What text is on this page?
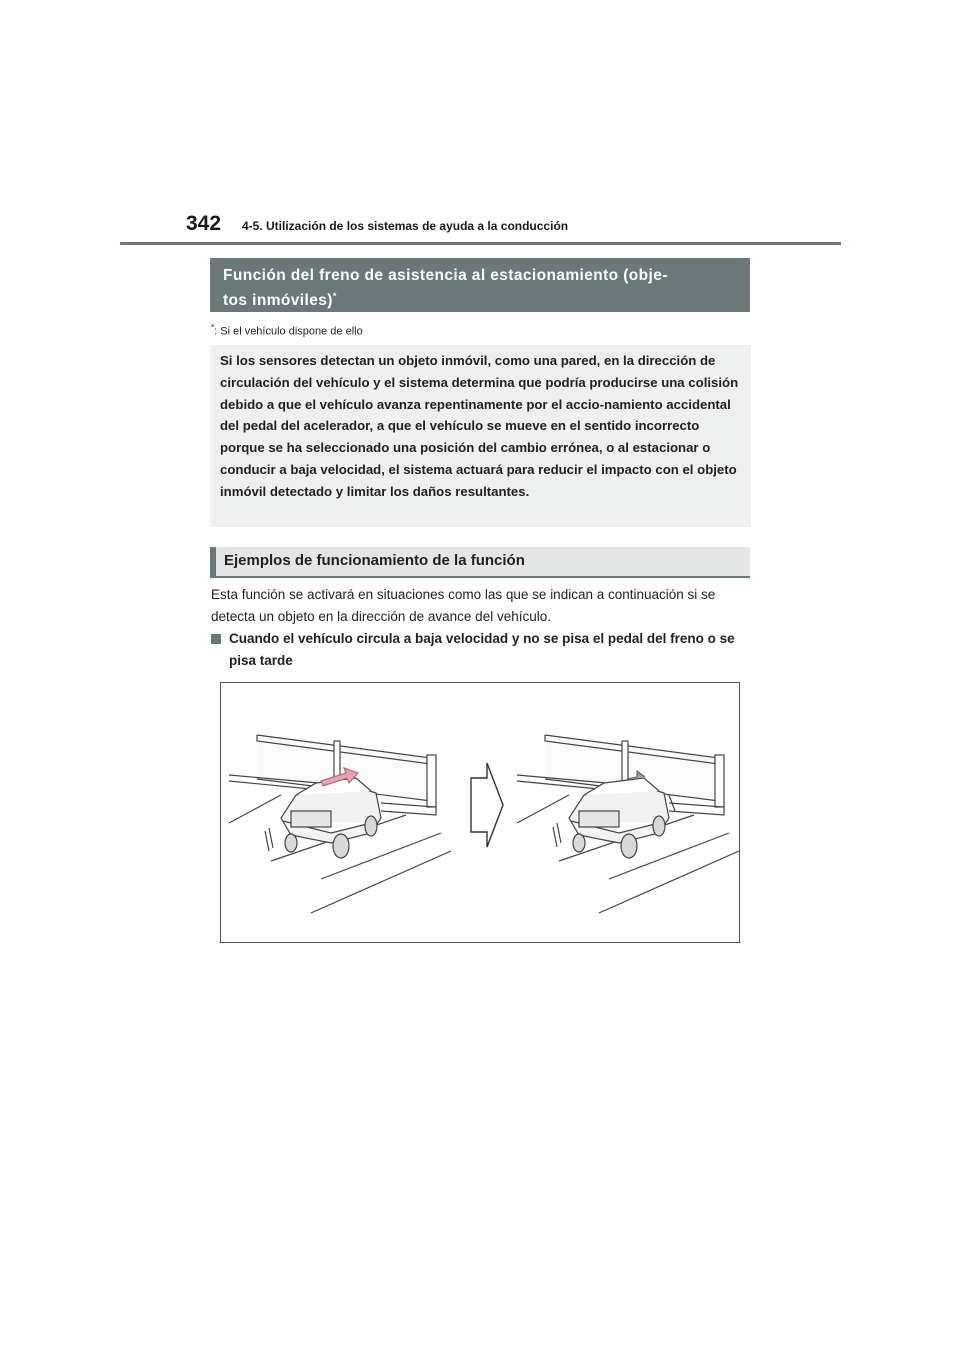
342 4-5. Utilización de los sistemas de ayuda a la conducción
Función del freno de asistencia al estacionamiento (obje-
tos inmóviles)*
*: Si el vehículo dispone de ello
Si los sensores detectan un objeto inmóvil, como una pared, en la dirección de circulación del vehículo y el sistema determina que podría producirse una colisión debido a que el vehículo avanza repentinamente por el accio-namiento accidental del pedal del acelerador, a que el vehículo se mueve en el sentido incorrecto porque se ha seleccionado una posición del cambio errónea, o al estacionar o conducir a baja velocidad, el sistema actuará para reducir el impacto con el objeto inmóvil detectado y limitar los daños resultantes.
Ejemplos de funcionamiento de la función
Esta función se activará en situaciones como las que se indican a continuación si se detecta un objeto en la dirección de avance del vehículo.
Cuando el vehículo circula a baja velocidad y no se pisa el pedal del freno o se pisa tarde
